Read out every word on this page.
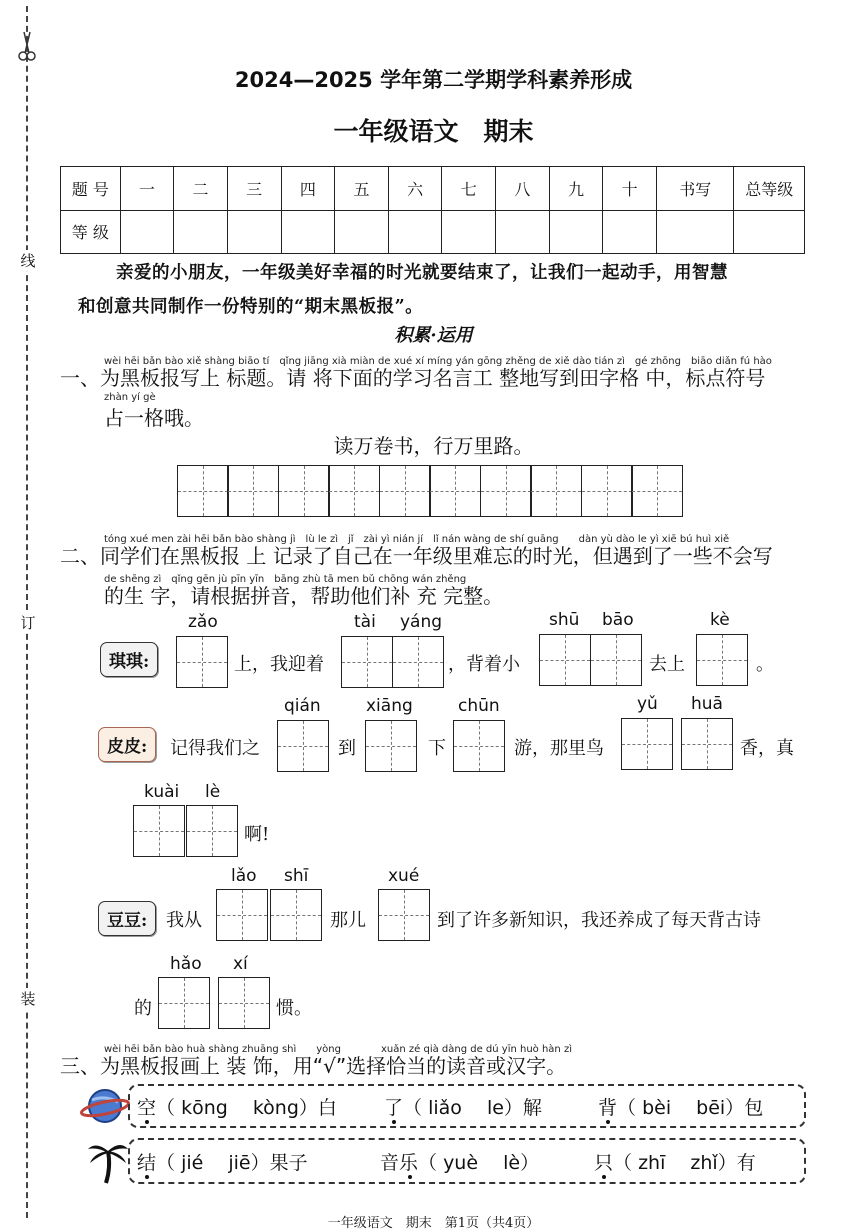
线
订
装
2024—2025 学年第二学期学科素养形成
一年级语文　期末
题 号	一	二	三	四	五	六	七	八	九	十	书写	总等级
等 级												
亲爱的小朋友，一年级美好幸福的时光就要结束了，让我们一起动手，用智慧
和创意共同制作一份特别的“期末黑板报”。
积累·运用
wèi hēi bǎn bào xiě shàng biāo tí　qǐng jiāng xià miàn de xué xí míng yán gōng zhěng de xiě dào tián zì　gé zhōng　biāo diǎn fú hào
一、为黑板报写上 标题。请 将下面的学习名言工 整地写到田字格 中，标点符号
zhàn yí gè
占一格哦。
读万卷书，行万里路。
tóng xué men zài hēi bǎn bào shàng jì　lù le zì　jǐ　zài yì nián jí　lǐ nán wàng de shí guāng　　dàn yù dào le yì xiē bú huì xiě
二、同学们在黑板报 上 记录了自己在一年级里难忘的时光，但遇到了一些不会写
de shēng zì　qǐng gēn jù pīn yīn　bāng zhù tā men bǔ chōng wán zhěng
的生 字，请根据拼音，帮助他们补 充 完整。
琪琪:
zǎo
上，我迎着
tài yáng
，背着小
shū bāo
去上
kè
。
皮皮:	记得我们之
qián
到
xiāng
下
chūn
游，那里鸟
yǔ huā
香，真
kuài lè
啊!
豆豆:	我从
lǎo shī
那儿
xué
到了许多新知识，我还养成了每天背古诗
的
hǎo xí
惯。
wèi hēi bǎn bào huà shàng zhuāng shì　　yòng　　　　xuǎn zé qià dàng de dú yīn huò hàn zì
三、为黑板报画上 装 饰，用“√”选择恰当的读音或汉字。
空（ kōng　 kòng）白 了（ liǎo　 le）解	背（ bèi　 bēi）包
结（ jié　 jiē）果子	音乐（ yuè　 lè）	只（ zhī　 zhǐ）有
一年级语文　期末　第1页（共4页）
